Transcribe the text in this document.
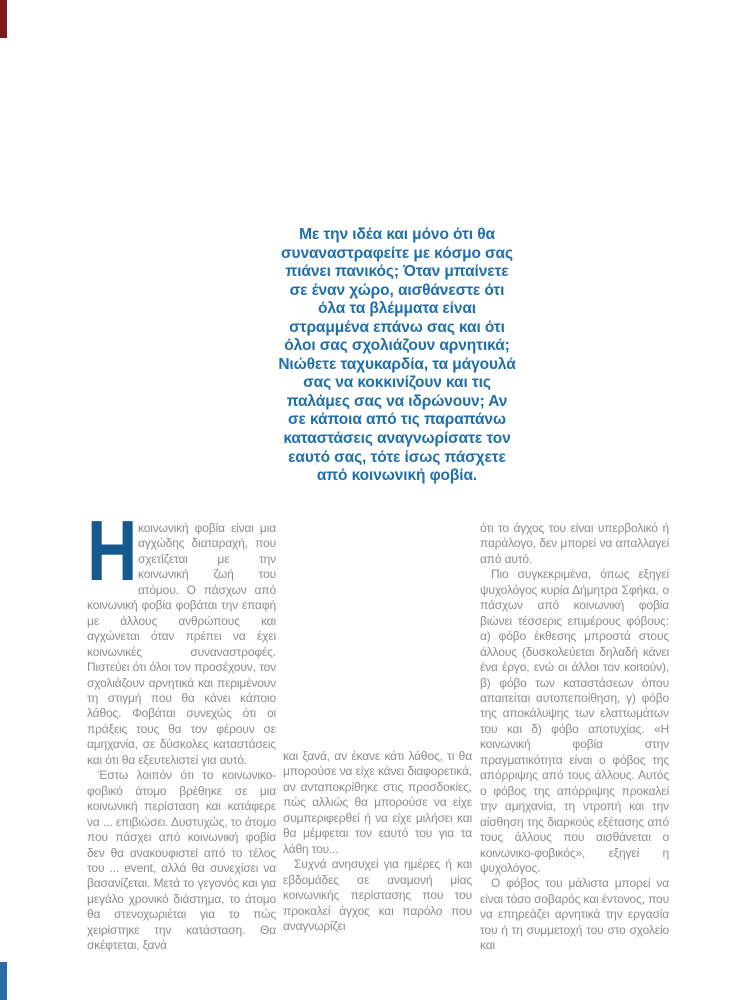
Με την ιδέα και μόνο ότι θα συναναστραφείτε με κόσμο σας πιάνει πανικός; Όταν μπαίνετε σε έναν χώρο, αισθάνεστε ότι όλα τα βλέμματα είναι στραμμένα επάνω σας και ότι όλοι σας σχολιάζουν αρνητικά; Νιώθετε ταχυκαρδία, τα μάγουλά σας να κοκκινίζουν και τις παλάμες σας να ιδρώνουν; Αν σε κάποια από τις παραπάνω καταστάσεις αναγνωρίσατε τον εαυτό σας, τότε ίσως πάσχετε από κοινωνική φοβία.

Ηκοινωνική φοβία είναι μια αγχώδης διαταραχή, που σχετίζεται με την κοινωνική ζωή του ατόμου. Ο πάσχων από κοινωνική φοβία φοβάται την επαφή με άλλους ανθρώπους και αγχώνεται όταν πρέπει να έχει κοινωνικές συναναστροφές. Πιστεύει ότι όλοι τον προσέχουν, τον σχολιάζουν αρνητικά και περιμένουν τη στιγμή που θα κάνει κάποιο λάθος. Φοβάται συνεχώς ότι οι πράξεις τους θα τον φέρουν σε αμηχανία, σε δύσκολες καταστάσεις και ότι θα εξευτελιστεί για αυτό.

Έστω λοιπόν ότι το κοινωνικο-φοβικό άτομο βρέθηκε σε μια κοινωνική περίσταση και κατάφερε να ... επιβιώσει. Δυστυχώς, το άτομο που πάσχει από κοινωνική φοβία δεν θα ανακουφιστεί από το τέλος του ... event, αλλά θα συνεχίσει να βασανίζεται. Μετά το γεγονός και για μεγάλο χρονικό διάστημα, το άτομο θα στενοχωριέται για το πώς χειρίστηκε την κατάσταση. Θα σκέφτεται, ξανά

και ξανά, αν έκανε κάτι λάθος, τι θα μπορούσε να είχε κάνει διαφορετικά, αν ανταποκρίθηκε στις προσδοκίες, πώς αλλιώς θα μπορούσε να είχε συμπεριφερθεί ή να είχε μιλήσει και θα μέμφεται τον εαυτό του για τα λάθη του...

Συχνά ανησυχεί για ημέρες ή και εβδομάδες σε αναμονή μίας κοινωνικής περίστασης που του προκαλεί άγχος και παρόλο που αναγνωρίζει

ότι το άγχος του είναι υπερβολικό ή παράλογο, δεν μπορεί να απαλλαγεί από αυτό.

Πιο συγκεκριμένα, όπως εξηγεί ψυχολόγος κυρία Δήμητρα Σφήκα, ο πάσχων από κοινωνική φοβία βιώνει τέσσερις επιμέρους φόβους: α) φόβο έκθεσης μπροστά στους άλλους (δυσκολεύεται δηλαδή κάνει ένα έργο, ενώ οι άλλοι τον κοιτούν), β) φόβο των καταστάσεων όπου απαιτείται αυτοπεποίθηση, γ) φόβο της αποκάλυψης των ελαττωμάτων του και δ) φόβο αποτυχίας. «Η κοινωνική φοβία στην πραγματικότητα είναι ο φόβος της απόρριψης από τους άλλους. Αυτός ο φόβος της απόρριψης προκαλεί την αμηχανία, τη ντροπή και την αίσθηση της διαρκούς εξέτασης από τους άλλους που αισθάνεται ο κοινωνικο-φοβικός», εξηγεί η ψυχολόγος.

Ο φόβος του μάλιστα μπορεί να είναι τόσο σοβαρός και έντονος, που να επηρεάζει αρνητικά την εργασία του ή τη συμμετοχή του στο σχολείο και
